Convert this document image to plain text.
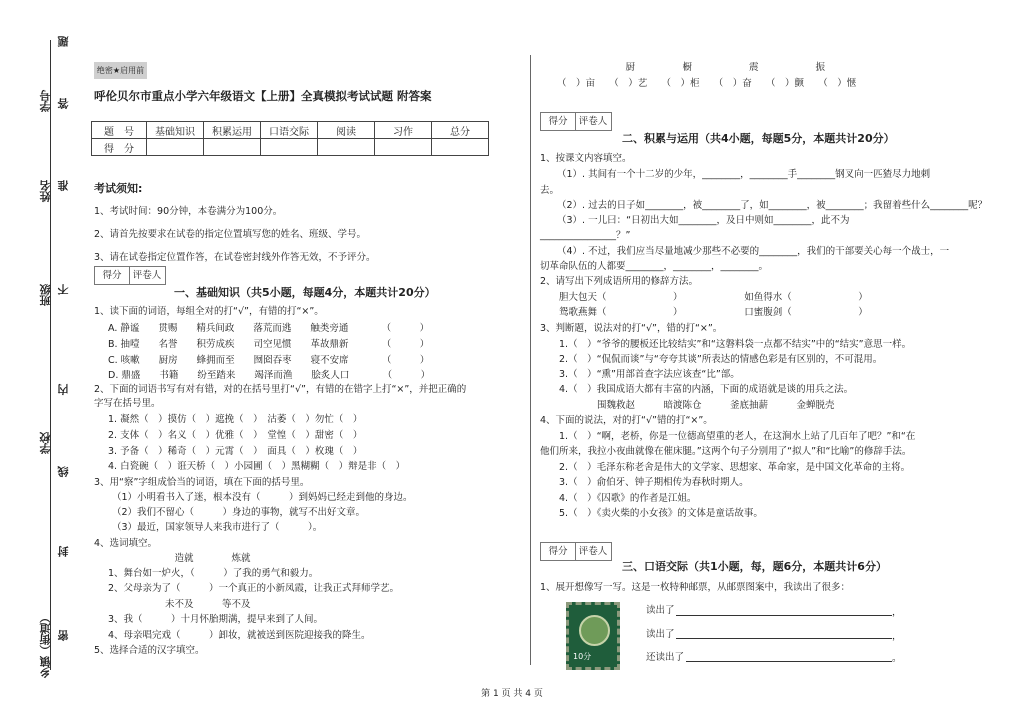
题
学号 答
姓名 准
班级 不
内
学校
线
封
乡镇（街道） 密
绝密★启用前
呼伦贝尔市重点小学六年级语文【上册】全真模拟考试试题 附答案
题　号	基础知识	积累运用	口语交际	阅读	习作	总分
得　分						
考试须知:
1、考试时间：90分钟，本卷满分为100分。
2、请首先按要求在试卷的指定位置填写您的姓名、班级、学号。
3、请在试卷指定位置作答，在试卷密封线外作答无效，不予评分。
得分 评卷人
一、基础知识（共5小题，每题4分，本题共计20分）
1、读下面的词语，每组全对的打“√”，有错的打“×”。
A. 静谧　　贯赐　　精兵间政　　落荒而逃　　触类旁通　　　　（　　　）
B. 抽噎　　名誉　　积劳成疾　　司空见惯　　革故鼎新　　　　（　　　）
C. 咳嗽　　厨房　　蜂拥而至　　囫囵吞枣　　寝不安席　　　　（　　　）
D. 鼎盛　　书籍　　纷至踏来　　竭泽而渔　　脍炙人口　　　　（　　　）
2、下面的词语书写有对有错，对的在括号里打“√”，有错的在错字上打“×”，并把正确的
字写在括号里。
1. 凝然（　）摸仿（　）遮挽（　）　沽萎（　）勿忙（　）
2. 支体（　）名义（　）优雅（　）　堂惶（　）甜密（　）
3. 予备（　）稀奇（　）元霄（　）　面具（　）枚瑰（　）
4. 白瓷碗（　）诳天桥（　）小园圃（　）黑糊糊（　）辩是非（　）
3、用“察”字组成恰当的词语，填在下面的括号里。
（1）小明看书入了迷，根本没有（　　　）到妈妈已经走到他的身边。
（2）我们不留心（　　　）身边的事物，就写不出好文章。
（3）最近，国家领导人来我市进行了（　　　）。
4、选词填空。
　　　　　　　造就　　　　炼就
1、舞台如一炉火，（　　　）了我的勇气和毅力。
2、父母亲为了（　　　）一个真正的小新凤霞，让我正式拜师学艺。
　　　　　　未不及　　　等不及
3、我（　　　）十月怀胎期满，提早来到了人间。
4、母亲唱完戏（　　　）卸妆，就被送到医院迎接我的降生。
5、选择合适的汉字填空。
　　　　　　　　　厨　　　　　橱　　　　　　震　　　　　　振
（　）亩　　（　）艺　　（　）柜　　（　）奋　　（　）颤　　（　）惬
得分 评卷人
二、积累与运用（共4小题，每题5分，本题共计20分）
1、按课文内容填空。
（1）. 其间有一个十二岁的少年，________，________手________钢叉向一匹猹尽力地刺
去。
（2）. 过去的日子如________，被________了，如________，被________；我留着些什么________呢？
（3）. 一儿曰：“日初出大如________，及日中则如________，此不为
________________？”
（4）. 不过，我们应当尽量地减少那些不必要的________，我们的干部要关心每一个战士，一
切革命队伍的人都要________，________，________。
2、请写出下列成语所用的修辞方法。
　　胆大包天（　　　　　　　）　　　　　　　如鱼得水（　　　　　　　）
　　鸳歌燕舞（　　　　　　　）　　　　　　　口蜜腹剑（　　　　　　　）
3、判断题，说法对的打“√”，错的打“×”。
　　1.（　）“爷爷的腰板还比较结实”和“这磐料袋一点都不结实”中的“结实”意思一样。
　　2.（　）“侃侃而谈”与“夸夸其谈”所表达的情感色彩是有区别的，不可混用。
　　3.（　）“熏”用部首查字法应该查“比”部。
　　4.（　）我国成语大都有丰富的内涵，下面的成语就是谈的用兵之法。
　　　　　　围魏救赵　　　暗渡陈仓　　　釜底抽薪　　　金蝉脱壳
4、下面的说法，对的打“√”错的打“×”。
　　1.（　）“啊，老桥，你是一位德高望重的老人，在这涧水上站了几百年了吧？”和“在
他们所来，我拉小夜曲就像在催床腿。”这两个句子分别用了“拟人”和“比喻”的修辞手法。
　　2.（　）毛泽东称老舍是伟大的文学家、思想家、革命家，是中国文化革命的主将。
　　3.（　）俞伯牙、钟子期相传为春秋时期人。
　　4.（　）《囚歌》的作者是江姐。
　　5.（　）《卖火柴的小女孩》的文体是童话故事。
得分 评卷人
三、口语交际（共1小题，每，题6分，本题共计6分）
1、展开想像写一写。这是一枚特种邮票，从邮票图案中，我读出了很多：
10分
读出了	，
读出了	，
还读出了	。
第 1 页 共 4 页
